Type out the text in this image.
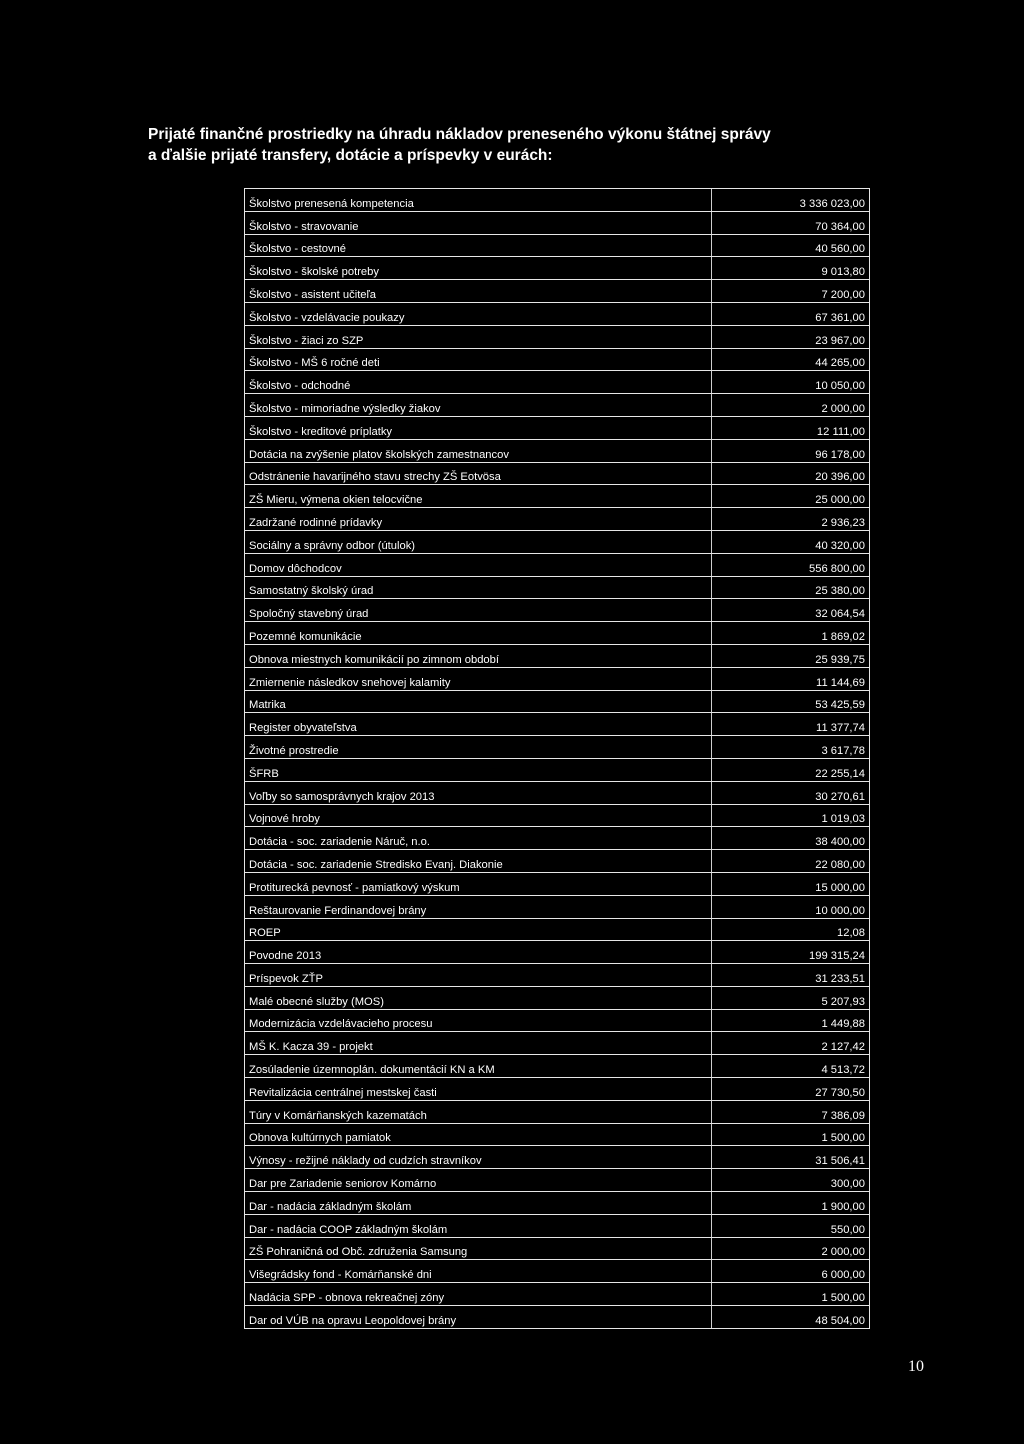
Prijaté finančné prostriedky na úhradu nákladov preneseného výkonu štátnej správy
a ďalšie prijaté transfery, dotácie a príspevky v eurách:
Školstvo prenesená kompetencia	3 336 023,00
Školstvo - stravovanie	70 364,00
Školstvo - cestovné	40 560,00
Školstvo - školské potreby	9 013,80
Školstvo - asistent učiteľa	7 200,00
Školstvo - vzdelávacie poukazy	67 361,00
Školstvo - žiaci zo SZP	23 967,00
Školstvo - MŠ 6 ročné deti	44 265,00
Školstvo - odchodné	10 050,00
Školstvo - mimoriadne výsledky žiakov	2 000,00
Školstvo - kreditové príplatky	12 111,00
Dotácia na zvýšenie platov školských zamestnancov	96 178,00
Odstránenie havarijného stavu strechy ZŠ Eotvösa	20 396,00
ZŠ Mieru, výmena okien telocvične	25 000,00
Zadržané rodinné prídavky	2 936,23
Sociálny a správny odbor (útulok)	40 320,00
Domov dôchodcov	556 800,00
Samostatný školský úrad	25 380,00
Spoločný stavebný úrad	32 064,54
Pozemné komunikácie	1 869,02
Obnova miestnych komunikácií po zimnom období	25 939,75
Zmiernenie následkov snehovej kalamity	11 144,69
Matrika	53 425,59
Register obyvateľstva	11 377,74
Životné prostredie	3 617,78
ŠFRB	22 255,14
Voľby so samosprávnych krajov 2013	30 270,61
Vojnové hroby	1 019,03
Dotácia - soc. zariadenie Náruč, n.o.	38 400,00
Dotácia - soc. zariadenie Stredisko Evanj. Diakonie	22 080,00
Protiturecká pevnosť - pamiatkový výskum	15 000,00
Reštaurovanie Ferdinandovej brány	10 000,00
ROEP	12,08
Povodne 2013	199 315,24
Príspevok ZŤP	31 233,51
Malé obecné služby (MOS)	5 207,93
Modernizácia vzdelávacieho procesu	1 449,88
MŠ K. Kacza 39 - projekt	2 127,42
Zosúladenie územnoplán. dokumentácií KN a KM	4 513,72
Revitalizácia centrálnej mestskej časti	27 730,50
Túry v Komárňanských kazematách	7 386,09
Obnova kultúrnych pamiatok	1 500,00
Výnosy - režijné náklady od cudzích stravníkov	31 506,41
Dar pre Zariadenie seniorov Komárno	300,00
Dar - nadácia základným školám	1 900,00
Dar - nadácia COOP základným školám	550,00
ZŠ Pohraničná od Obč. združenia Samsung	2 000,00
Višegrádsky fond - Komárňanské dni	6 000,00
Nadácia SPP - obnova rekreačnej zóny	1 500,00
Dar od VÚB na opravu Leopoldovej brány	48 504,00
10
